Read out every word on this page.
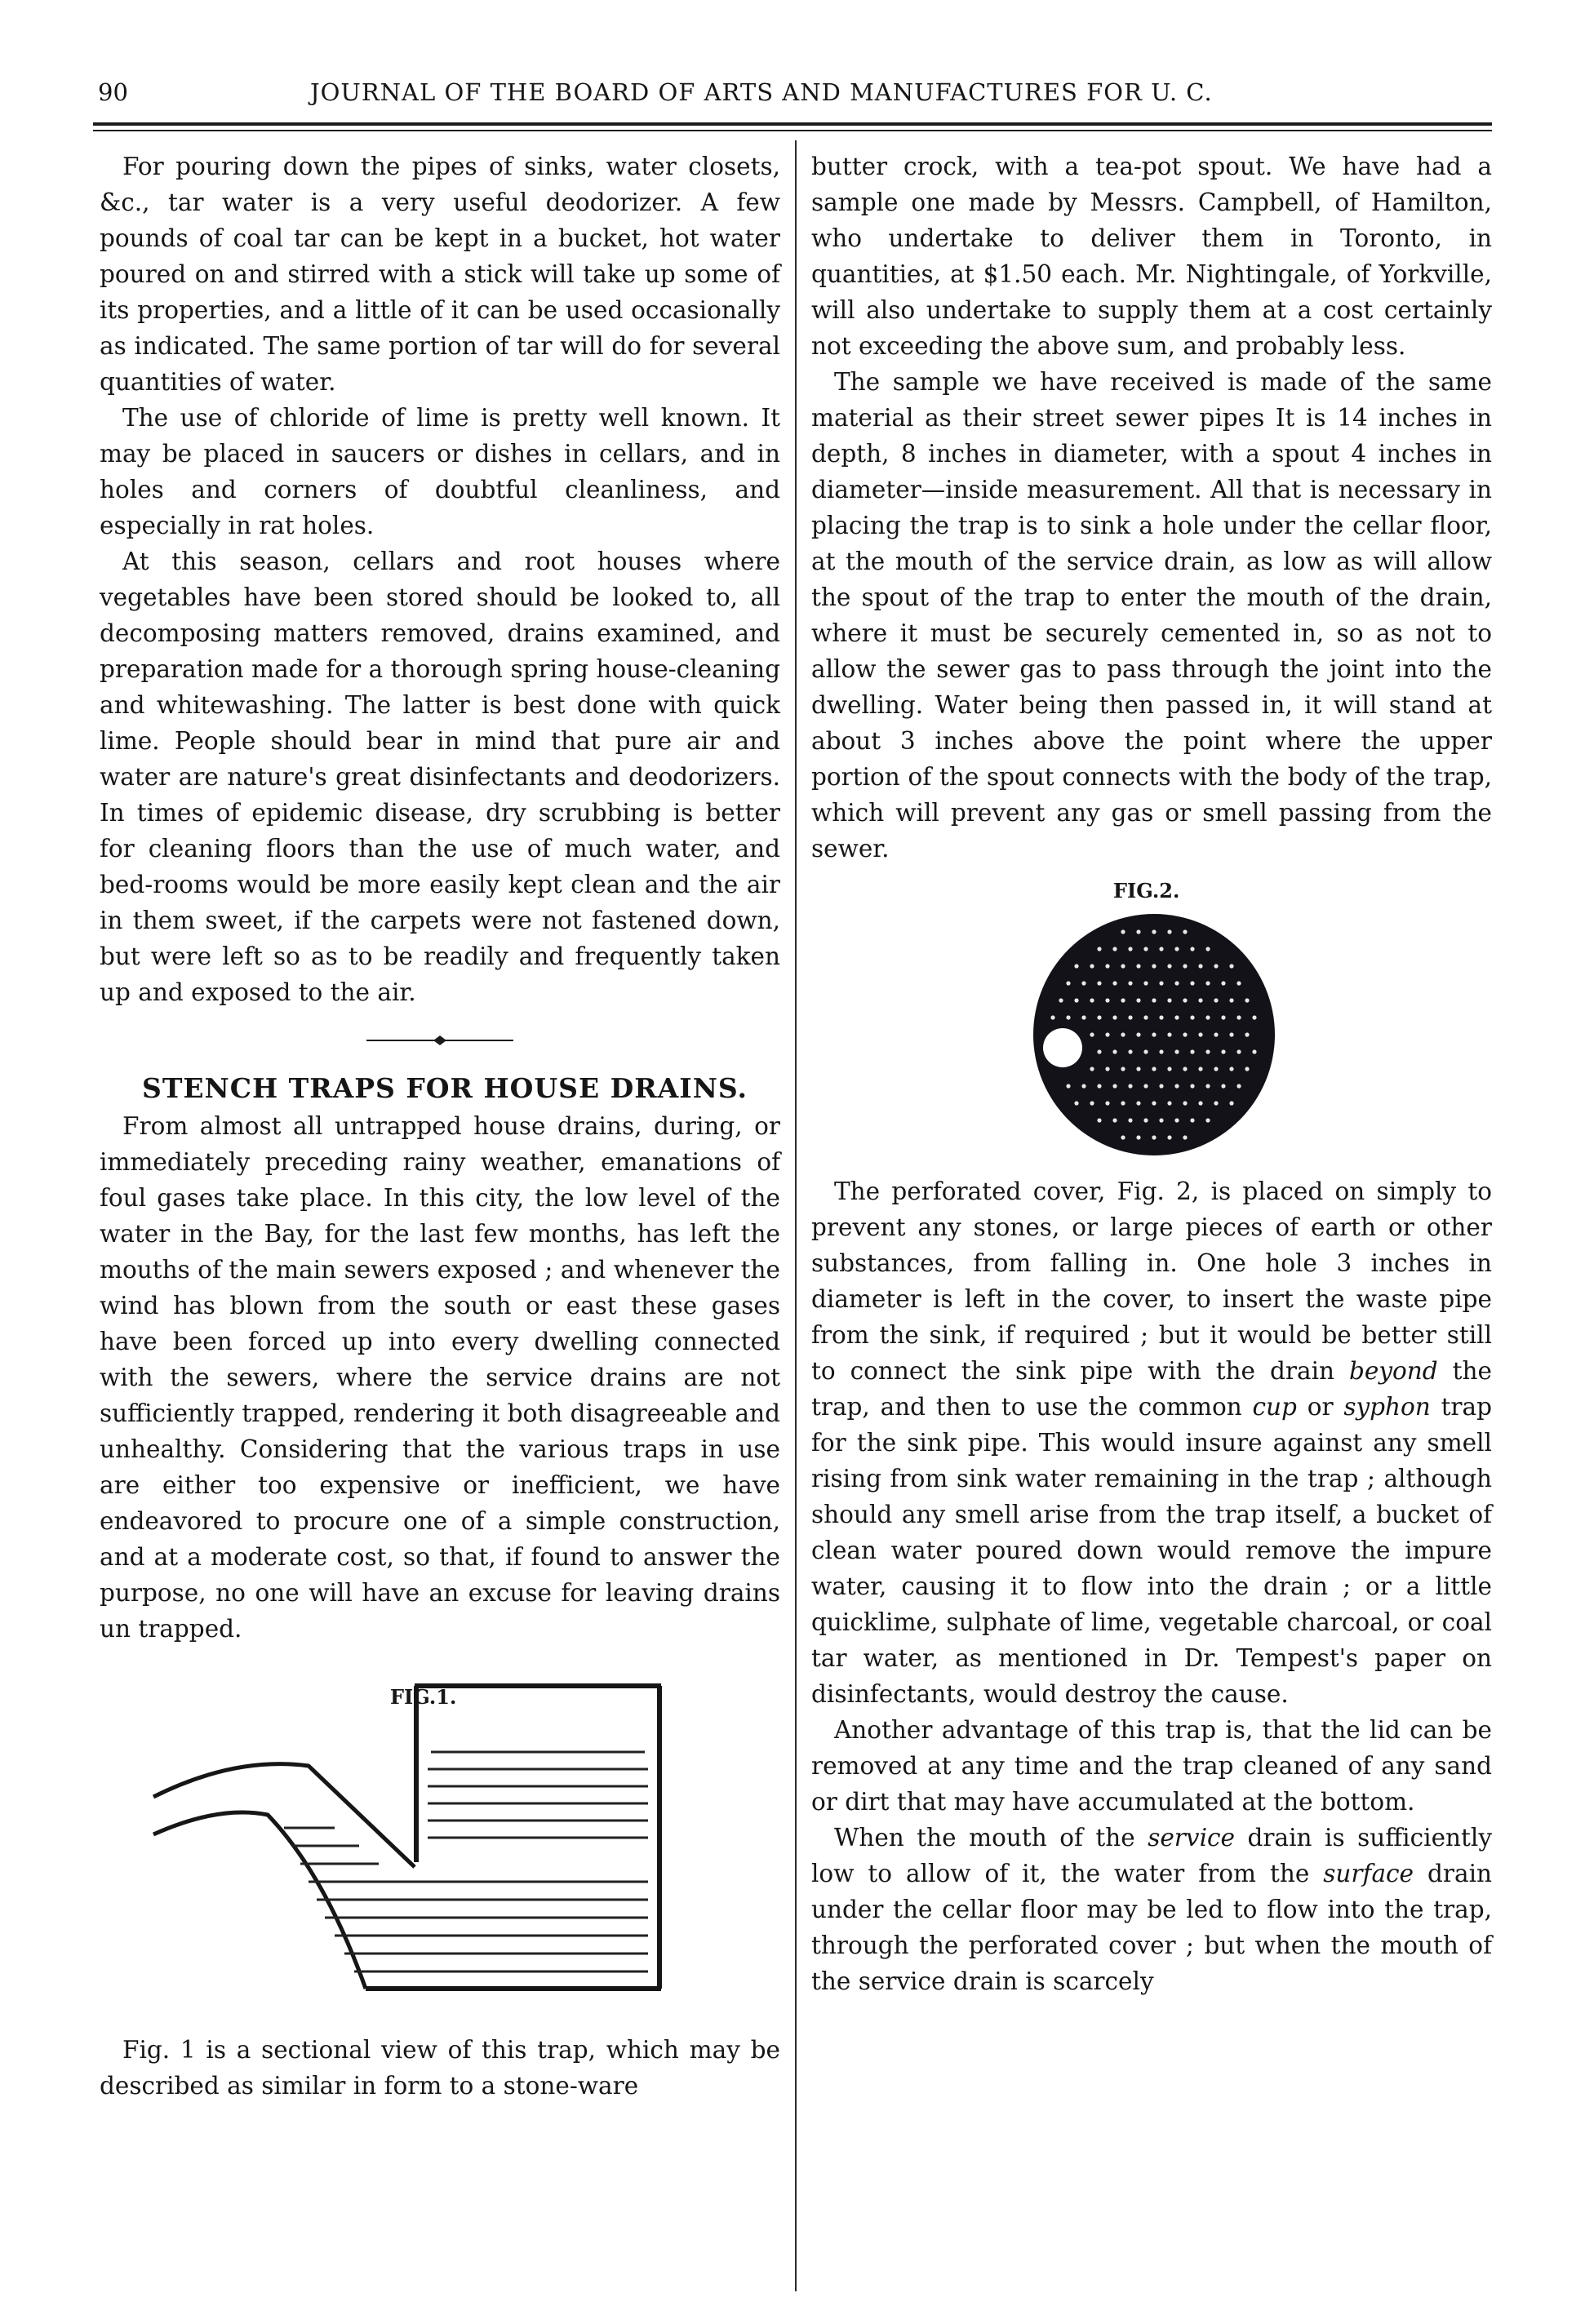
90	JOURNAL OF THE BOARD OF ARTS AND MANUFACTURES FOR U. C.

For pouring down the pipes of sinks, water closets, &c., tar water is a very useful deodorizer. A few pounds of coal tar can be kept in a bucket, hot water poured on and stirred with a stick will take up some of its properties, and a little of it can be used occasionally as indicated. The same portion of tar will do for several quantities of water.

The use of chloride of lime is pretty well known. It may be placed in saucers or dishes in cellars, and in holes and corners of doubtful cleanliness, and especially in rat holes.

At this season, cellars and root houses where vegetables have been stored should be looked to, all decomposing matters removed, drains examined, and preparation made for a thorough spring house-cleaning and whitewashing. The latter is best done with quick lime. People should bear in mind that pure air and water are nature's great disinfectants and deodorizers. In times of epidemic disease, dry scrubbing is better for cleaning floors than the use of much water, and bed-rooms would be more easily kept clean and the air in them sweet, if the carpets were not fastened down, but were left so as to be readily and frequently taken up and exposed to the air.

STENCH TRAPS FOR HOUSE DRAINS.

From almost all untrapped house drains, during, or immediately preceding rainy weather, emanations of foul gases take place. In this city, the low level of the water in the Bay, for the last few months, has left the mouths of the main sewers exposed ; and whenever the wind has blown from the south or east these gases have been forced up into every dwelling connected with the sewers, where the service drains are not sufficiently trapped, rendering it both disagreeable and unhealthy. Considering that the various traps in use are either too expensive or inefficient, we have endeavored to procure one of a simple construction, and at a moderate cost, so that, if found to answer the purpose, no one will have an excuse for leaving drains un trapped.

FIG.1.

Fig. 1 is a sectional view of this trap, which may be described as similar in form to a stone-ware

butter crock, with a tea-pot spout. We have had a sample one made by Messrs. Campbell, of Hamilton, who undertake to deliver them in Toronto, in quantities, at $1.50 each. Mr. Nightingale, of Yorkville, will also undertake to supply them at a cost certainly not exceeding the above sum, and probably less.

The sample we have received is made of the same material as their street sewer pipes It is 14 inches in depth, 8 inches in diameter, with a spout 4 inches in diameter—inside measurement. All that is necessary in placing the trap is to sink a hole under the cellar floor, at the mouth of the service drain, as low as will allow the spout of the trap to enter the mouth of the drain, where it must be securely cemented in, so as not to allow the sewer gas to pass through the joint into the dwelling. Water being then passed in, it will stand at about 3 inches above the point where the upper portion of the spout connects with the body of the trap, which will prevent any gas or smell passing from the sewer.

FIG.2.

The perforated cover, Fig. 2, is placed on simply to prevent any stones, or large pieces of earth or other substances, from falling in. One hole 3 inches in diameter is left in the cover, to insert the waste pipe from the sink, if required ; but it would be better still to connect the sink pipe with the drain beyond the trap, and then to use the common cup or syphon trap for the sink pipe. This would insure against any smell rising from sink water remaining in the trap ; although should any smell arise from the trap itself, a bucket of clean water poured down would remove the impure water, causing it to flow into the drain ; or a little quicklime, sulphate of lime, vegetable charcoal, or coal tar water, as mentioned in Dr. Tempest's paper on disinfectants, would destroy the cause.

Another advantage of this trap is, that the lid can be removed at any time and the trap cleaned of any sand or dirt that may have accumulated at the bottom.

When the mouth of the service drain is sufficiently low to allow of it, the water from the surface drain under the cellar floor may be led to flow into the trap, through the perforated cover ; but when the mouth of the service drain is scarcely
